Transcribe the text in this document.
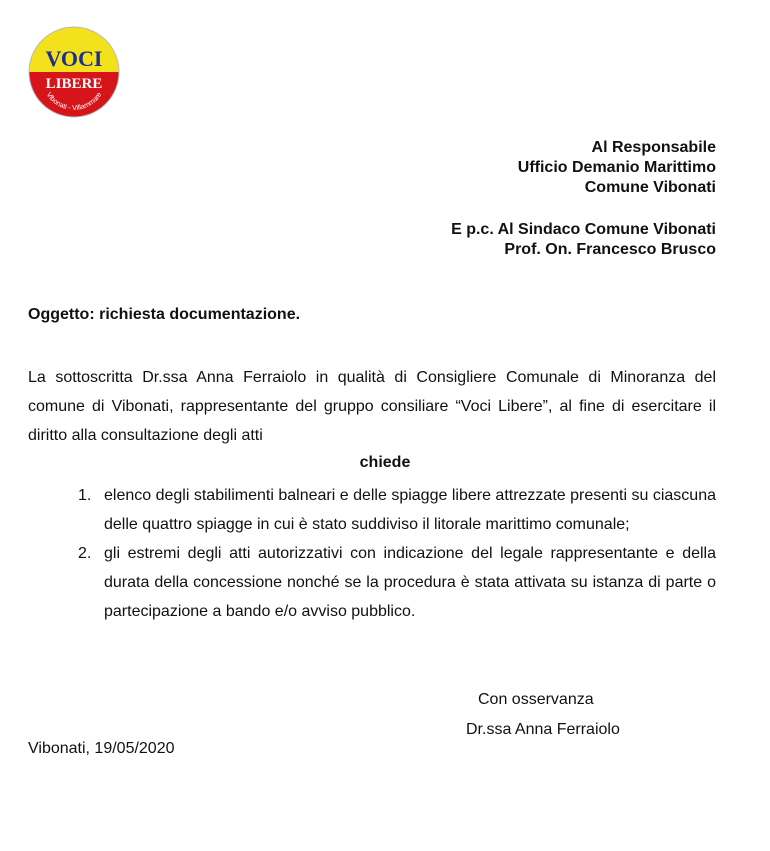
VOCI
LIBERE
Vibonati - Villammare
Al Responsabile
Ufficio Demanio Marittimo
Comune Vibonati
E p.c. Al Sindaco Comune Vibonati
Prof. On. Francesco Brusco
Oggetto: richiesta documentazione.

La sottoscritta Dr.ssa Anna Ferraiolo in qualità di Consigliere Comunale di Minoranza del comune di Vibonati, rappresentante del gruppo consiliare “Voci Libere”, al fine di esercitare il diritto alla consultazione degli atti

chiede
1. elenco degli stabilimenti balneari e delle spiagge libere attrezzate presenti su ciascuna delle quattro spiagge in cui è stato suddiviso il litorale marittimo comunale;
2. gli estremi degli atti autorizzativi con indicazione del legale rappresentante e della durata della concessione nonché se la procedura è stata attivata su istanza di parte o partecipazione a bando e/o avviso pubblico.
Con osservanza
Dr.ssa Anna Ferraiolo
Vibonati, 19/05/2020
